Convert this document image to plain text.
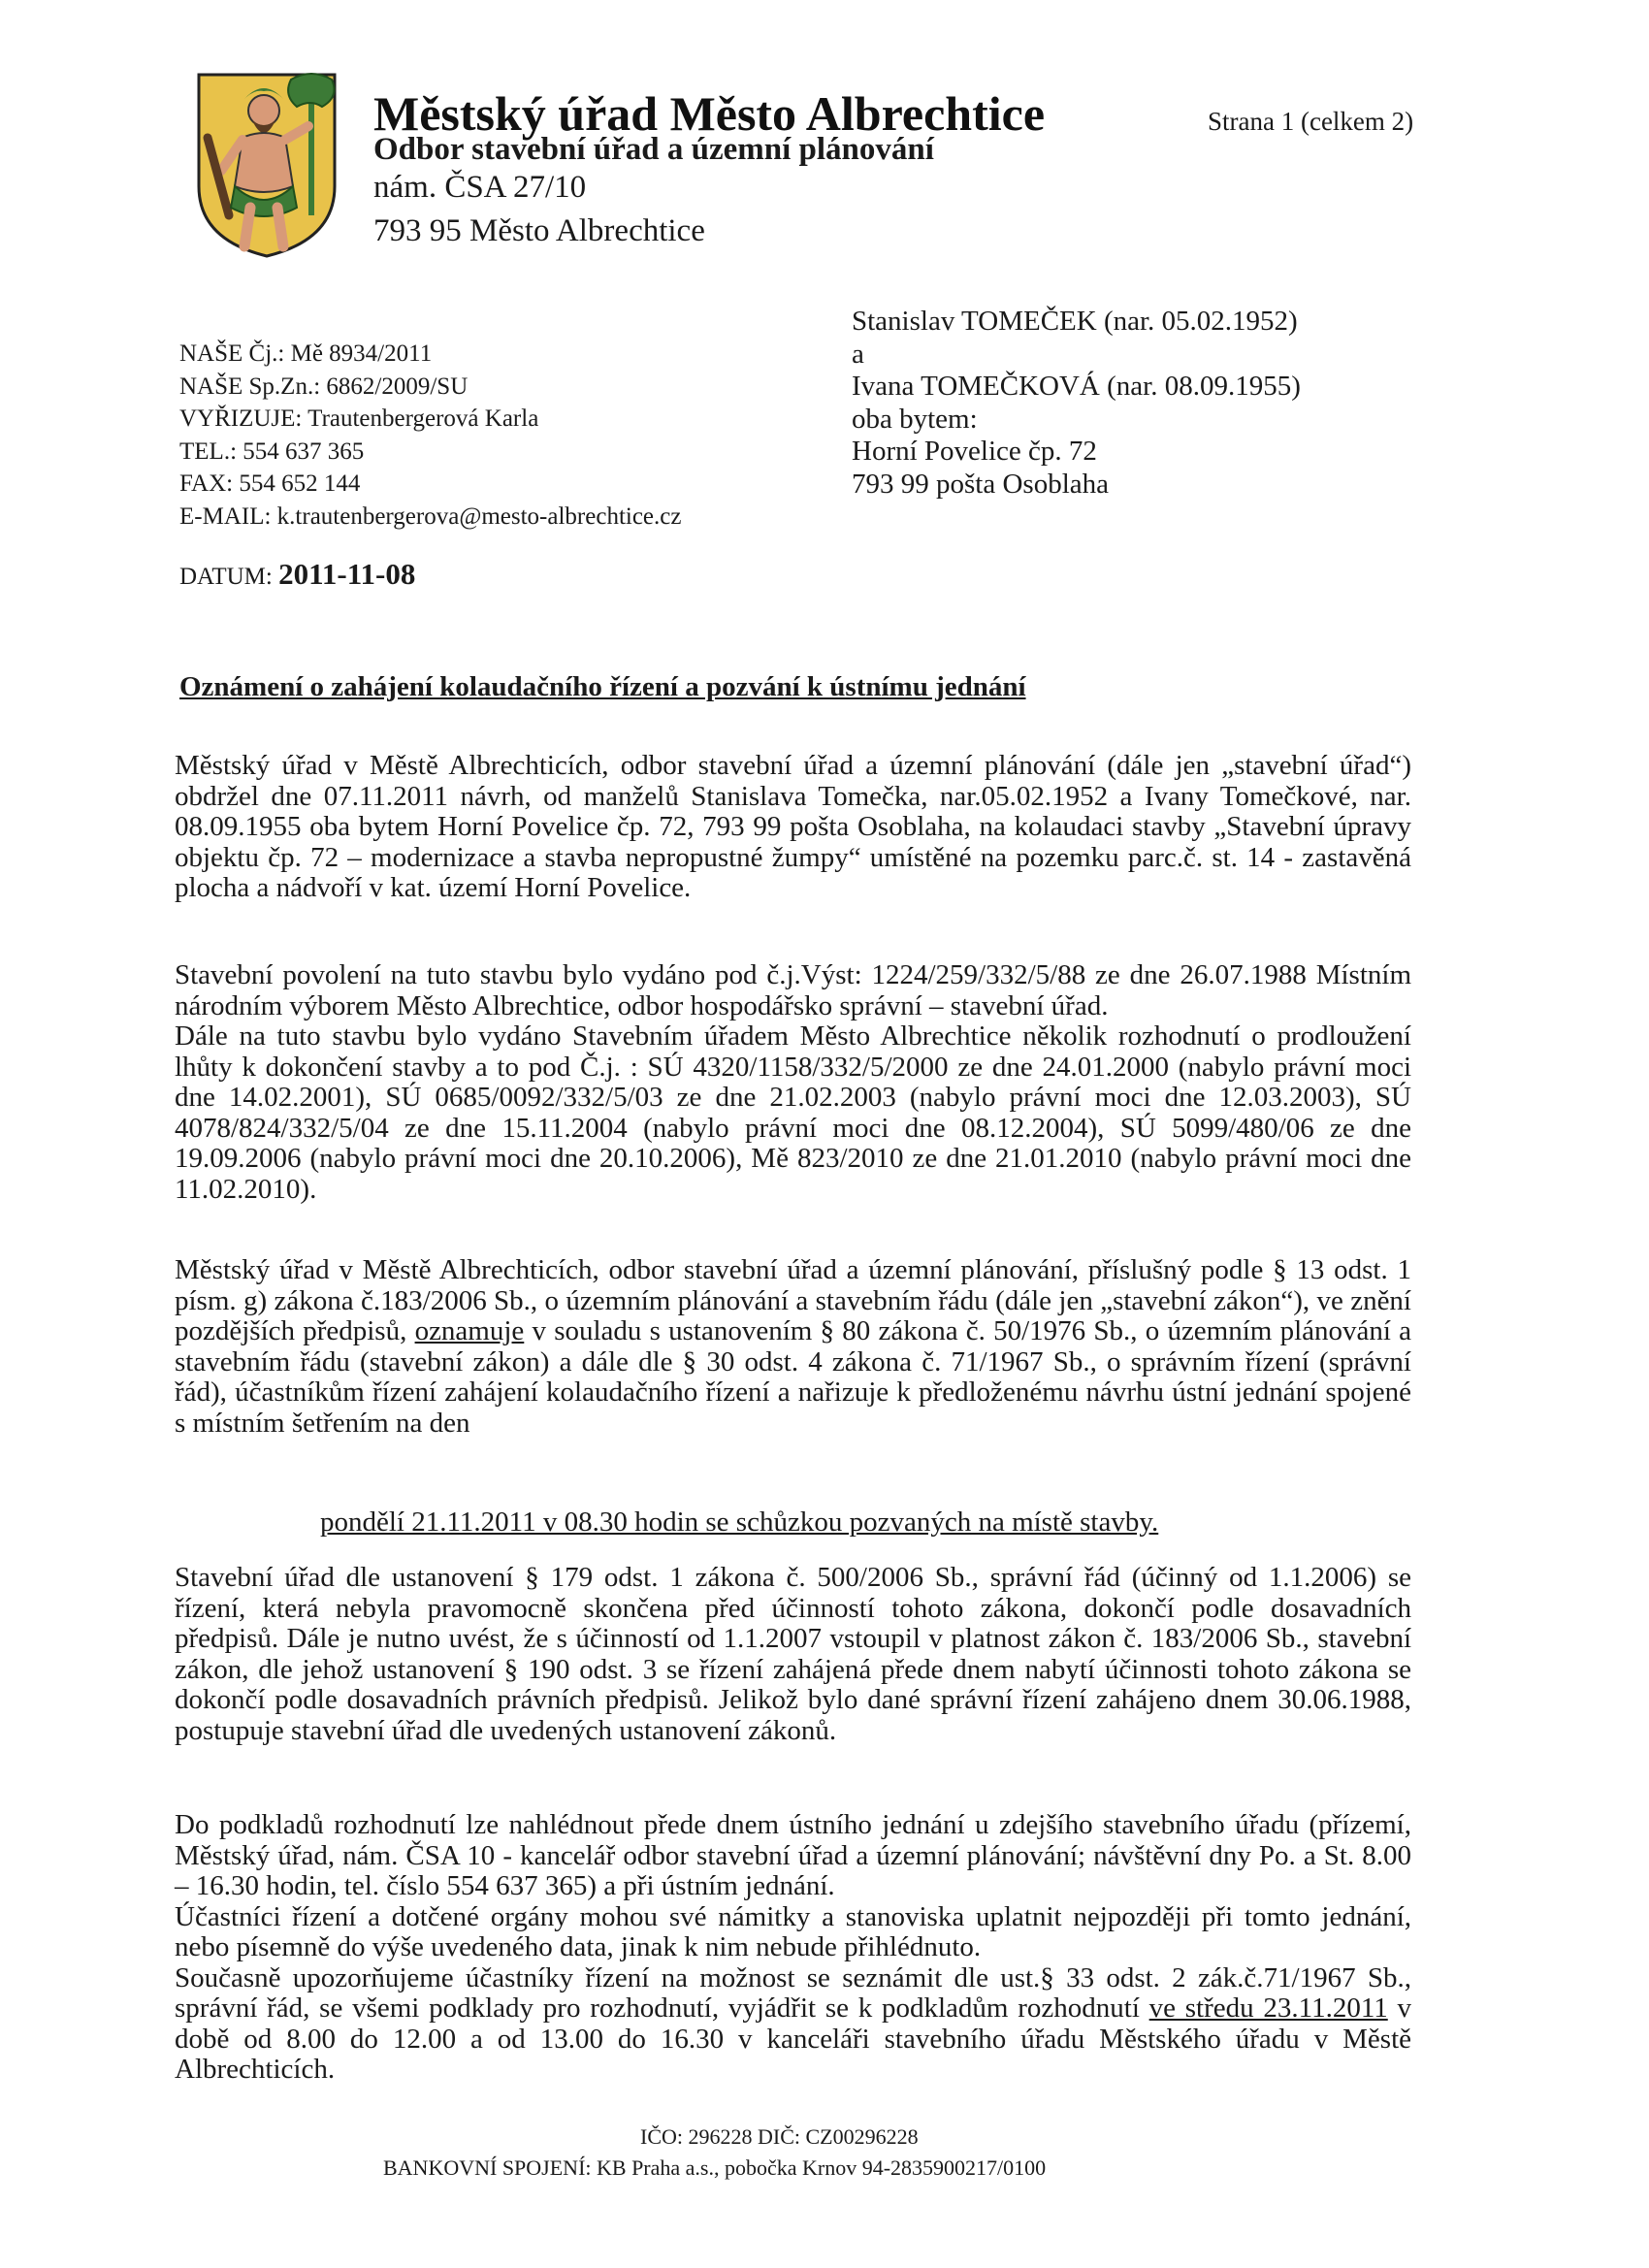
Městský úřad Město Albrechtice
Odbor stavební úřad a územní plánování
nám. ČSA 27/10
793 95 Město Albrechtice
Strana 1 (celkem 2)
NAŠE Čj.: Mě 8934/2011
NAŠE Sp.Zn.: 6862/2009/SU
VYŘIZUJE: Trautenbergerová Karla
TEL.: 554 637 365
FAX: 554 652 144
E-MAIL: k.trautenbergerova@mesto-albrechtice.cz
Stanislav TOMEČEK (nar. 05.02.1952)
a
Ivana TOMEČKOVÁ (nar. 08.09.1955)
oba bytem:
Horní Povelice čp. 72
793 99 pošta Osoblaha
DATUM: 2011-11-08
Oznámení o zahájení kolaudačního řízení a pozvání k ústnímu jednání
Městský úřad v Městě Albrechticích, odbor stavební úřad a územní plánování (dále jen „stavební úřad“) obdržel dne 07.11.2011 návrh, od manželů Stanislava Tomečka, nar.05.02.1952 a Ivany Tomečkové, nar. 08.09.1955 oba bytem Horní Povelice čp. 72, 793 99 pošta Osoblaha, na kolaudaci stavby „Stavební úpravy objektu čp. 72 – modernizace a stavba nepropustné žumpy“ umístěné na pozemku parc.č. st. 14 - zastavěná plocha a nádvoří v kat. území Horní Povelice.
Stavební povolení na tuto stavbu bylo vydáno pod č.j.Výst: 1224/259/332/5/88 ze dne 26.07.1988 Místním národním výborem Město Albrechtice, odbor hospodářsko správní – stavební úřad.
Dále na tuto stavbu bylo vydáno Stavebním úřadem Město Albrechtice několik rozhodnutí o prodloužení lhůty k dokončení stavby a to pod Č.j. : SÚ 4320/1158/332/5/2000 ze dne 24.01.2000 (nabylo právní moci dne 14.02.2001), SÚ 0685/0092/332/5/03 ze dne 21.02.2003 (nabylo právní moci dne 12.03.2003), SÚ 4078/824/332/5/04 ze dne 15.11.2004 (nabylo právní moci dne 08.12.2004), SÚ 5099/480/06 ze dne 19.09.2006 (nabylo právní moci dne 20.10.2006), Mě 823/2010 ze dne 21.01.2010 (nabylo právní moci dne 11.02.2010).
Městský úřad v Městě Albrechticích, odbor stavební úřad a územní plánování, příslušný podle § 13 odst. 1 písm. g) zákona č.183/2006 Sb., o územním plánování a stavebním řádu (dále jen „stavební zákon“), ve znění pozdějších předpisů, oznamuje v souladu s ustanovením § 80 zákona č. 50/1976 Sb., o územním plánování a stavebním řádu (stavební zákon) a dále dle § 30 odst. 4 zákona č. 71/1967 Sb., o správním řízení (správní řád), účastníkům řízení zahájení kolaudačního řízení a nařizuje k předloženému návrhu ústní jednání spojené s místním šetřením na den
pondělí 21.11.2011 v 08.30 hodin se schůzkou pozvaných na místě stavby.
Stavební úřad dle ustanovení § 179 odst. 1 zákona č. 500/2006 Sb., správní řád (účinný od 1.1.2006) se řízení, která nebyla pravomocně skončena před účinností tohoto zákona, dokončí podle dosavadních předpisů. Dále je nutno uvést, že s účinností od 1.1.2007 vstoupil v platnost zákon č. 183/2006 Sb., stavební zákon, dle jehož ustanovení § 190 odst. 3 se řízení zahájená přede dnem nabytí účinnosti tohoto zákona se dokončí podle dosavadních právních předpisů. Jelikož bylo dané správní řízení zahájeno dnem 30.06.1988, postupuje stavební úřad dle uvedených ustanovení zákonů.
Do podkladů rozhodnutí lze nahlédnout přede dnem ústního jednání u zdejšího stavebního úřadu (přízemí, Městský úřad, nám. ČSA 10 - kancelář odbor stavební úřad a územní plánování; návštěvní dny Po. a St. 8.00 – 16.30 hodin, tel. číslo 554 637 365) a při ústním jednání.
Účastníci řízení a dotčené orgány mohou své námitky a stanoviska uplatnit nejpozději při tomto jednání, nebo písemně do výše uvedeného data, jinak k nim nebude přihlédnuto.
Současně upozorňujeme účastníky řízení na možnost se seznámit dle ust.§ 33 odst. 2 zák.č.71/1967 Sb., správní řád, se všemi podklady pro rozhodnutí, vyjádřit se k podkladům rozhodnutí ve středu 23.11.2011 v době od 8.00 do 12.00 a od 13.00 do 16.30 v kanceláři stavebního úřadu Městského úřadu v Městě Albrechticích.
IČO: 296228 DIČ: CZ00296228
BANKOVNÍ SPOJENÍ: KB Praha a.s., pobočka Krnov 94-2835900217/0100
